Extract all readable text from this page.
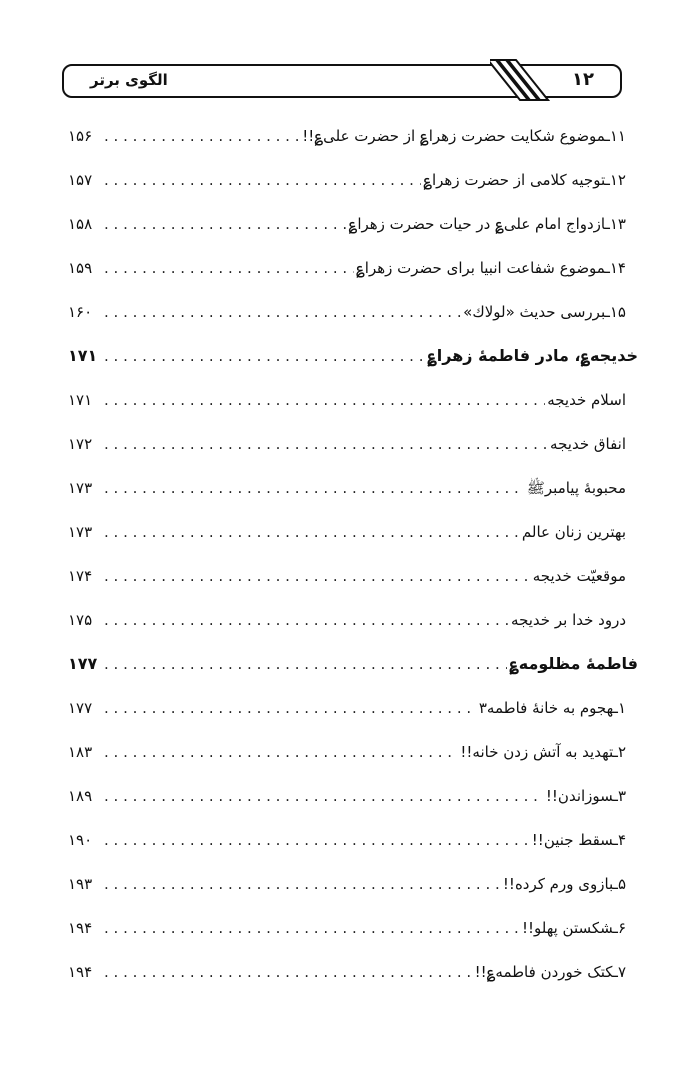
۱۲
الگوی برتر
۱۱ـموضوع شکایت حضرت زهرا؏ از حضرت علی؏!!
. . .
۱۵۶
۱۲ـتوجیه کلامی از حضرت زهرا؏
. . .
۱۵۷
۱۳ـازدواج امام علی؏ در حیات حضرت زهرا؏
. . .
۱۵۸
۱۴ـموضوع شفاعت انبیا برای حضرت زهرا؏
. . .
۱۵۹
۱۵ـبررسی حدیث «لولاك»
. . .
۱۶۰
خدیجه؏، مادر فاطمهٔ زهرا؏
. . .
۱۷۱
اسلام خدیجه
. . .
۱۷۱
انفاق خدیجه
. . .
۱۷۲
محبوبهٔ پیامبرﷺ
. . .
۱۷۳
بهترین زنان عالم
. . .
۱۷۳
موقعیّت خدیجه
. . .
۱۷۴
درود خدا بر خدیجه
. . .
۱۷۵
فاطمهٔ مظلومه؏
. . .
۱۷۷
۱ـهجوم به خانهٔ فاطمه۳
. . .
۱۷۷
۲ـتهدید به آتش زدن خانه!!
. . .
۱۸۳
۳ـسوزاندن!!
. . .
۱۸۹
۴ـسقط جنین!!
. . .
۱۹۰
۵ـبازوی ورم کرده!!
. . .
۱۹۳
۶ـشکستن پهلو!!
. . .
۱۹۴
۷ـکتک خوردن فاطمه؏!!
. . .
۱۹۴
